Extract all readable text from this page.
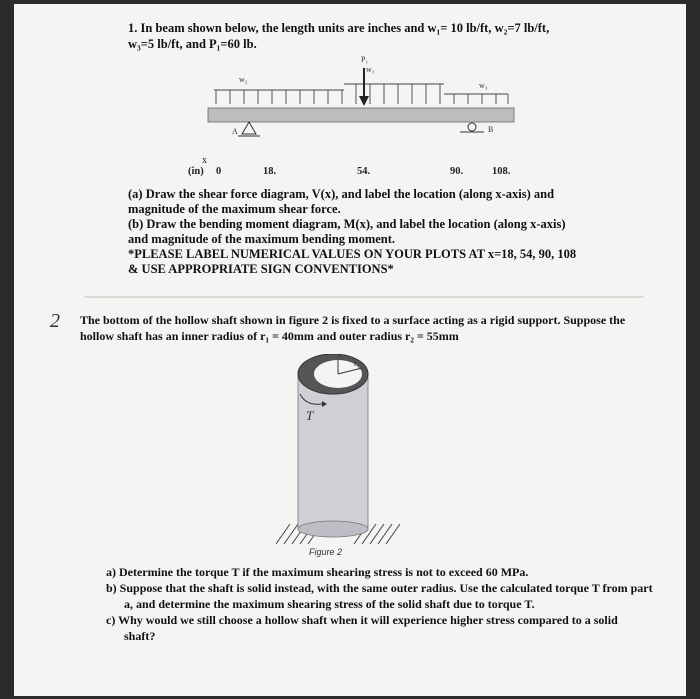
1. In beam shown below, the length units are inches and w₁= 10 lb/ft, w₂=7 lb/ft,
w₃=5 lb/ft, and P₁=60 lb.
P₁
w₁
w₂
w₃
A	B
x
(in) 0	18.	54.	90.	108.

(a) Draw the shear force diagram, V(x), and label the location (along x-axis) and

magnitude of the maximum shear force.

(b) Draw the bending moment diagram, M(x), and label the location (along x-axis)

and magnitude of the maximum bending moment.

*PLEASE LABEL NUMERICAL VALUES ON YOUR PLOTS AT x=18, 54, 90, 108

& USE APPROPRIATE SIGN CONVENTIONS*

2 The bottom of the hollow shaft shown in figure 2 is fixed to a surface acting as a rigid support. Suppose the
hollow shaft has an inner radius of r₁ = 40mm and outer radius r₂ = 55mm
r₂
r₁
T
Figure 2

a) Determine the torque T if the maximum shearing stress is not to exceed 60 MPa.

b) Suppose that the shaft is solid instead, with the same outer radius. Use the calculated torque T from part
a, and determine the maximum shearing stress of the solid shaft due to torque T.

c) Why would we still choose a hollow shaft when it will experience higher stress compared to a solid
shaft?
